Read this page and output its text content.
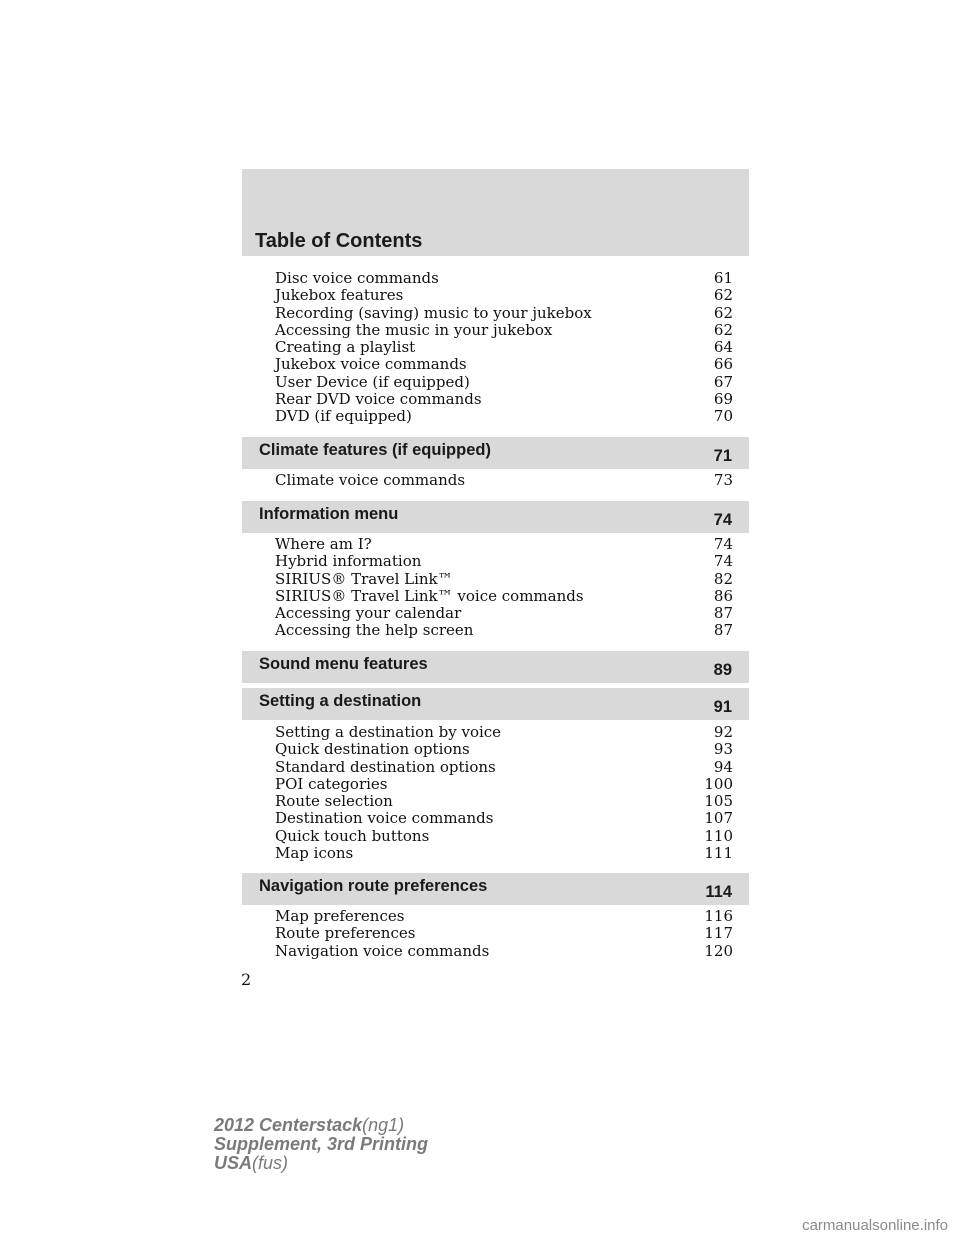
Table of Contents
Disc voice commands	61
Jukebox features	62
Recording (saving) music to your jukebox	62
Accessing the music in your jukebox	62
Creating a playlist	64
Jukebox voice commands	66
User Device (if equipped)	67
Rear DVD voice commands	69
DVD (if equipped)	70
Climate features (if equipped)	71
Climate voice commands	73
Information menu	74
Where am I?	74
Hybrid information	74
SIRIUS® Travel Link™	82
SIRIUS® Travel Link™ voice commands	86
Accessing your calendar	87
Accessing the help screen	87
Sound menu features	89
Setting a destination	91
Setting a destination by voice	92
Quick destination options	93
Standard destination options	94
POI categories	100
Route selection	105
Destination voice commands	107
Quick touch buttons	110
Map icons	111
Navigation route preferences	114
Map preferences	116
Route preferences	117
Navigation voice commands	120
2
2012 Centerstack(ng1)
Supplement, 3rd Printing
USA(fus)
carmanualsonline.info
